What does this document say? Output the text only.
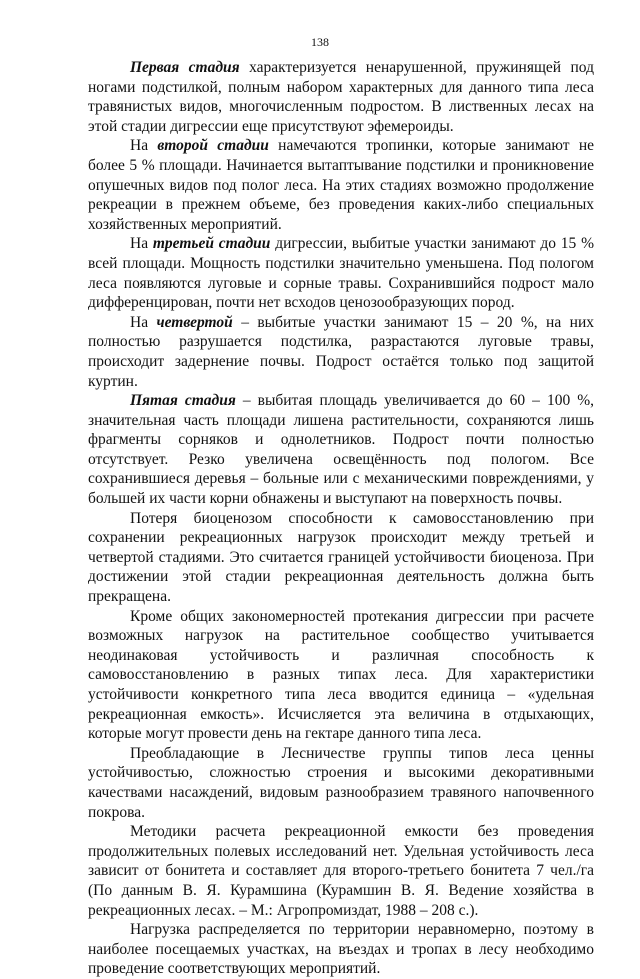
138

Первая стадия характеризуется ненарушенной, пружинящей под ногами подстилкой, полным набором характерных для данного типа леса травянистых видов, многочисленным подростом. В лиственных лесах на этой стадии дигрессии еще присутствуют эфемероиды.

На второй стадии намечаются тропинки, которые занимают не более 5 % площади. Начинается вытаптывание подстилки и проникновение опушечных видов под полог леса. На этих стадиях возможно продолжение рекреации в прежнем объеме, без проведения каких-либо специальных хозяйственных мероприятий.

На третьей стадии дигрессии, выбитые участки занимают до 15 % всей площади. Мощность подстилки значительно уменьшена. Под пологом леса появляются луговые и сорные травы. Сохранившийся подрост мало дифференцирован, почти нет всходов ценозообразующих пород.

На четвертой – выбитые участки занимают 15 – 20 %, на них полностью разрушается подстилка, разрастаются луговые травы, происходит задернение почвы. Подрост остаётся только под защитой куртин.

Пятая стадия – выбитая площадь увеличивается до 60 – 100 %, значительная часть площади лишена растительности, сохраняются лишь фрагменты сорняков и однолетников. Подрост почти полностью отсутствует. Резко увеличена освещённость под пологом. Все сохранившиеся деревья – больные или с механическими повреждениями, у большей их части корни обнажены и выступают на поверхность почвы.

Потеря биоценозом способности к самовосстановлению при сохранении рекреационных нагрузок происходит между третьей и четвертой стадиями. Это считается границей устойчивости биоценоза. При достижении этой стадии рекреационная деятельность должна быть прекращена.

Кроме общих закономерностей протекания дигрессии при расчете возможных нагрузок на растительное сообщество учитывается неодинаковая устойчивость и различная способность к самовосстановлению в разных типах леса. Для характеристики устойчивости конкретного типа леса вводится единица – «удельная рекреационная емкость». Исчисляется эта величина в отдыхающих, которые могут провести день на гектаре данного типа леса.

Преобладающие в Лесничестве группы типов леса ценны устойчивостью, сложностью строения и высокими декоративными качествами насаждений, видовым разнообразием травяного напочвенного покрова.

Методики расчета рекреационной емкости без проведения продолжительных полевых исследований нет. Удельная устойчивость леса зависит от бонитета и составляет для второго-третьего бонитета 7 чел./га (По данным В. Я. Курамшина (Курамшин В. Я. Ведение хозяйства в рекреационных лесах. – М.: Агропромиздат, 1988 – 208 с.).

Нагрузка распределяется по территории неравномерно, поэтому в наиболее посещаемых участках, на въездах и тропах в лесу необходимо проведение соответствующих мероприятий.
